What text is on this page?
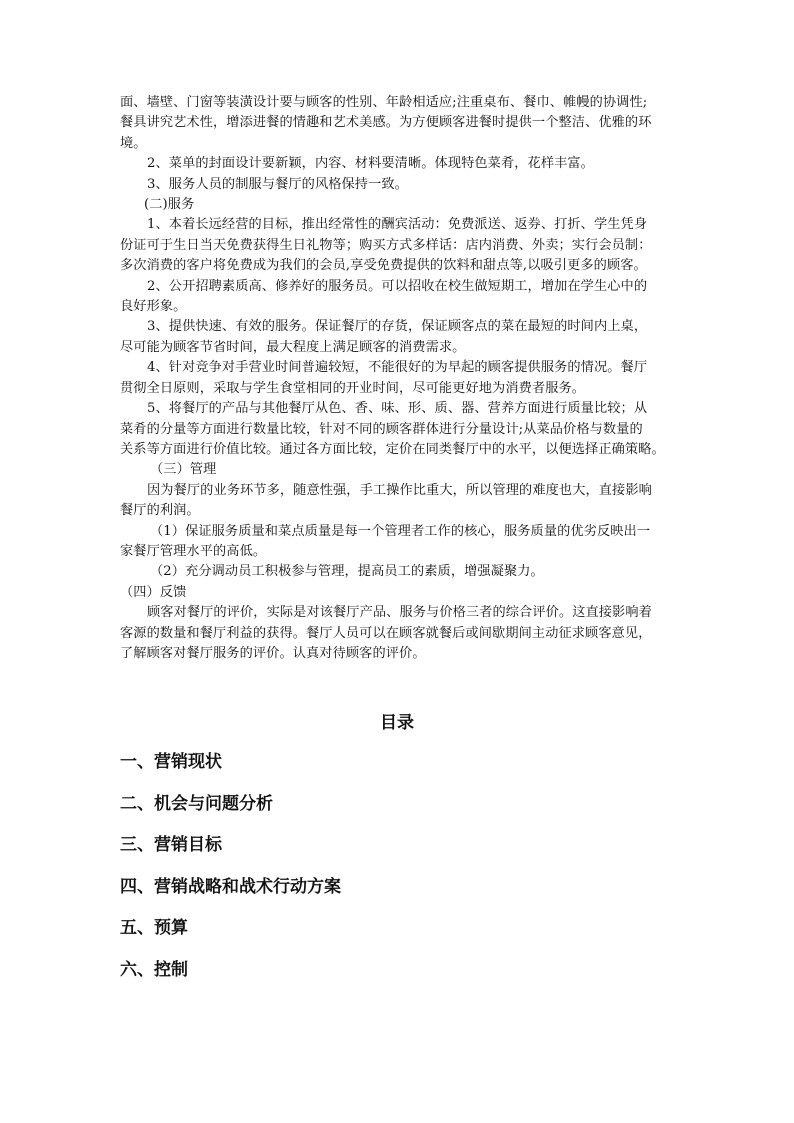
面、墙壁、门窗等装潢设计要与顾客的性别、年龄相适应;注重桌布、餐巾、帷幔的协调性;
餐具讲究艺术性，增添进餐的情趣和艺术美感。为方便顾客进餐时提供一个整洁、优雅的环
境。
2、菜单的封面设计要新颖，内容、材料要清晰。体现特色菜肴，花样丰富。
3、服务人员的制服与餐厅的风格保持一致。
(二)服务
1、本着长远经营的目标，推出经常性的酬宾活动：免费派送、返券、打折、学生凭身
份证可于生日当天免费获得生日礼物等；购买方式多样话：店内消费、外卖；实行会员制：
多次消费的客户将免费成为我们的会员,享受免费提供的饮料和甜点等,以吸引更多的顾客。
2、公开招聘素质高、修养好的服务员。可以招收在校生做短期工，增加在学生心中的
良好形象。
3、提供快速、有效的服务。保证餐厅的存货，保证顾客点的菜在最短的时间内上桌，
尽可能为顾客节省时间，最大程度上满足顾客的消费需求。
4、针对竞争对手营业时间普遍较短，不能很好的为早起的顾客提供服务的情况。餐厅
贯彻全日原则，采取与学生食堂相同的开业时间，尽可能更好地为消费者服务。
5、将餐厅的产品与其他餐厅从色、香、味、形、质、器、营养方面进行质量比较；从
菜肴的分量等方面进行数量比较，针对不同的顾客群体进行分量设计;从菜品价格与数量的
关系等方面进行价值比较。通过各方面比较，定价在同类餐厅中的水平，以便选择正确策略。
（三）管理
因为餐厅的业务环节多，随意性强，手工操作比重大，所以管理的难度也大，直接影响
餐厅的利润。
（1）保证服务质量和菜点质量是每一个管理者工作的核心，服务质量的优劣反映出一
家餐厅管理水平的高低。
（2）充分调动员工积极参与管理，提高员工的素质，增强凝聚力。
（四）反馈
顾客对餐厅的评价，实际是对该餐厅产品、服务与价格三者的综合评价。这直接影响着
客源的数量和餐厅利益的获得。餐厅人员可以在顾客就餐后或间歇期间主动征求顾客意见，
了解顾客对餐厅服务的评价。认真对待顾客的评价。
目录
一、营销现状
二、机会与问题分析
三、营销目标
四、营销战略和战术行动方案
五、预算
六、控制
